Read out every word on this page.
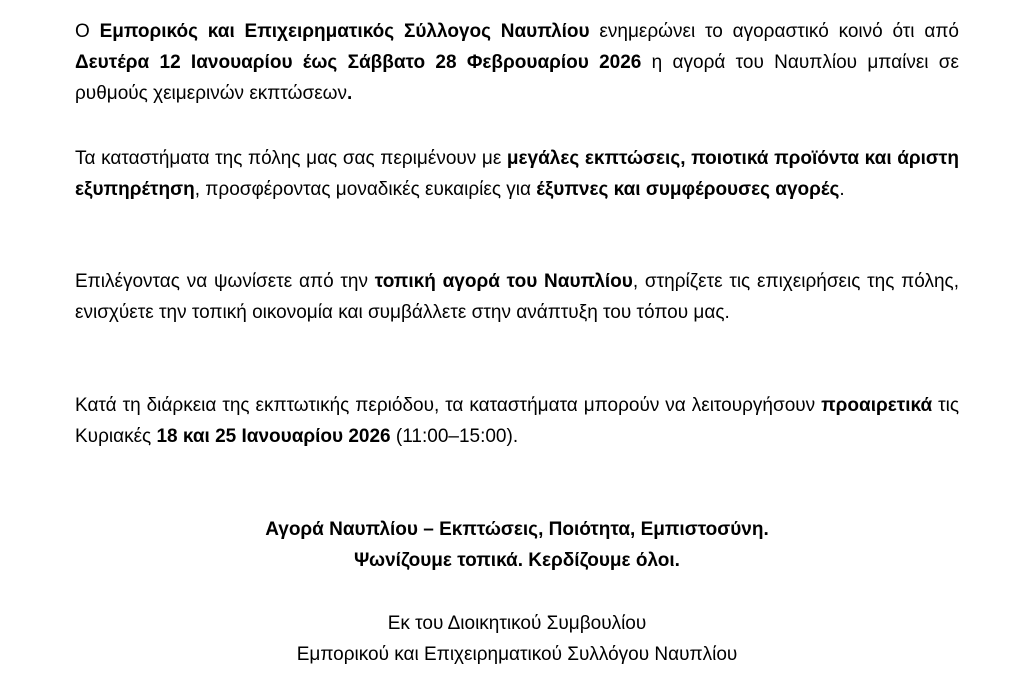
Ο Εμπορικός και Επιχειρηματικός Σύλλογος Ναυπλίου ενημερώνει το αγοραστικό κοινό ότι από Δευτέρα 12 Ιανουαρίου έως Σάββατο 28 Φεβρουαρίου 2026 η αγορά του Ναυπλίου μπαίνει σε ρυθμούς χειμερινών εκπτώσεων.

Τα καταστήματα της πόλης μας σας περιμένουν με μεγάλες εκπτώσεις, ποιοτικά προϊόντα και άριστη εξυπηρέτηση, προσφέροντας μοναδικές ευκαιρίες για έξυπνες και συμφέρουσες αγορές.

Επιλέγοντας να ψωνίσετε από την τοπική αγορά του Ναυπλίου, στηρίζετε τις επιχειρήσεις της πόλης, ενισχύετε την τοπική οικονομία και συμβάλλετε στην ανάπτυξη του τόπου μας.

Κατά τη διάρκεια της εκπτωτικής περιόδου, τα καταστήματα μπορούν να λειτουργήσουν προαιρετικά τις Κυριακές 18 και 25 Ιανουαρίου 2026 (11:00–15:00).

Αγορά Ναυπλίου – Εκπτώσεις, Ποιότητα, Εμπιστοσύνη.

Ψωνίζουμε τοπικά. Κερδίζουμε όλοι.

Εκ του Διοικητικού Συμβουλίου

Εμπορικού και Επιχειρηματικού Συλλόγου Ναυπλίου
